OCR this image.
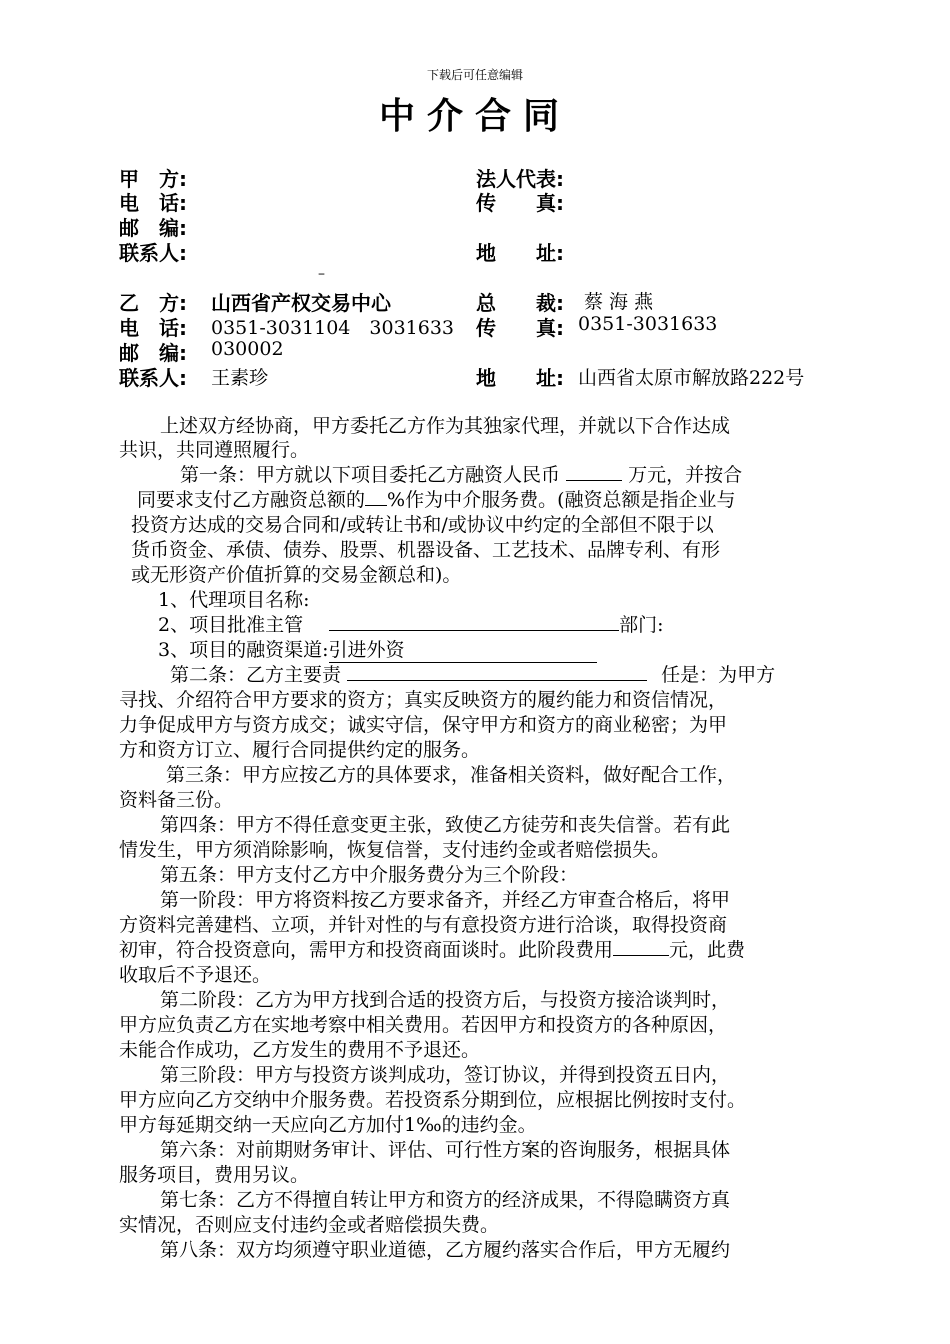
下载后可任意编辑
中介合同
甲　方:	法人代表:
电　话:	传　　真:
邮　编:
联系人:	地　　址:
–
乙　方: 山西省产权交易中心	总　　裁: 蔡 海 燕
电　话: 0351-3031104　3031633 传　　真: 0351-3031633
邮　编: 030002
联系人: 王素珍	地　　址: 山西省太原市解放路222号
上述双方经协商，甲方委托乙方作为其独家代理，并就以下合作达成
共识，共同遵照履行。
第一条：甲方就以下项目委托乙方融资人民币	万元，并按合
同要求支付乙方融资总额的 %作为中介服务费。(融资总额是指企业与
投资方达成的交易合同和/或转让书和/或协议中约定的全部但不限于以
货币资金、承债、债券、股票、机器设备、工艺技术、品牌专利、有形
或无形资产价值折算的交易金额总和)。
1、代理项目名称:
2、项目批准主管	部门:
3、项目的融资渠道:引进外资
第二条：乙方主要责	任是：为甲方
寻找、介绍符合甲方要求的资方；真实反映资方的履约能力和资信情况，
力争促成甲方与资方成交；诚实守信，保守甲方和资方的商业秘密；为甲
方和资方订立、履行合同提供约定的服务。
第三条：甲方应按乙方的具体要求，准备相关资料，做好配合工作，
资料备三份。
第四条：甲方不得任意变更主张，致使乙方徒劳和丧失信誉。若有此
情发生，甲方须消除影响，恢复信誉，支付违约金或者赔偿损失。
第五条：甲方支付乙方中介服务费分为三个阶段：
第一阶段：甲方将资料按乙方要求备齐，并经乙方审查合格后，将甲
方资料完善建档、立项，并针对性的与有意投资方进行洽谈，取得投资商
初审，符合投资意向，需甲方和投资商面谈时。此阶段费用	元，此费
收取后不予退还。
第二阶段：乙方为甲方找到合适的投资方后，与投资方接洽谈判时，
甲方应负责乙方在实地考察中相关费用。若因甲方和投资方的各种原因，
未能合作成功，乙方发生的费用不予退还。
第三阶段：甲方与投资方谈判成功，签订协议，并得到投资五日内，
甲方应向乙方交纳中介服务费。若投资系分期到位，应根据比例按时支付。
甲方每延期交纳一天应向乙方加付1‰的违约金。
第六条：对前期财务审计、评估、可行性方案的咨询服务，根据具体
服务项目，费用另议。
第七条：乙方不得擅自转让甲方和资方的经济成果，不得隐瞒资方真
实情况，否则应支付违约金或者赔偿损失费。
第八条：双方均须遵守职业道德，乙方履约落实合作后，甲方无履约
